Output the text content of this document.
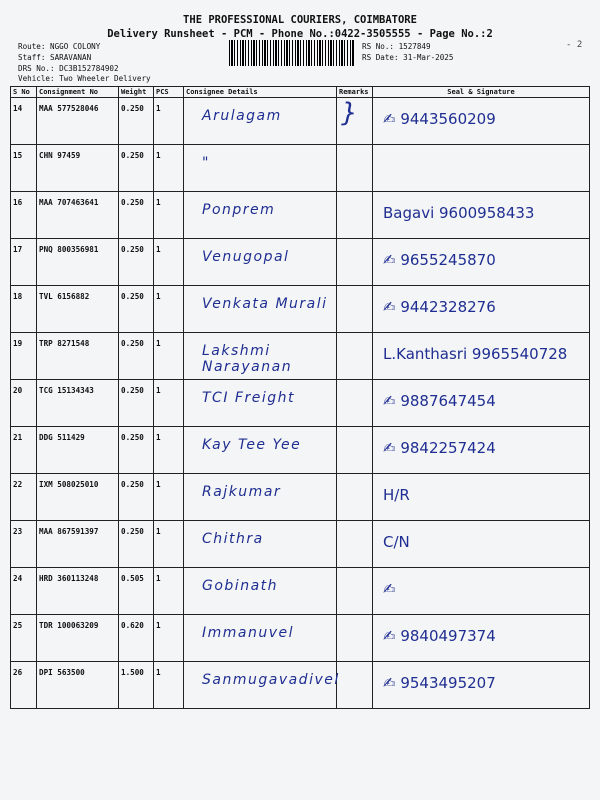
THE PROFESSIONAL COURIERS, COIMBATORE
Delivery Runsheet - PCM - Phone No.:0422-3505555 - Page No.:2
Route: NGGO COLONY
Staff: SARAVANAN
DRS No.: DC3B152784902
Vehicle: Two Wheeler Delivery
RS No.: 1527849
RS Date: 31-Mar-2025
- 2
S No	Consignment No	Weight	PCS	Consignee Details	Remarks	Seal & Signature
14	MAA 577528046	0.250	1	Arulagam	}	✍ 9443560209
15	CHN 97459	0.250	1	"		
16	MAA 707463641	0.250	1	Ponprem		Bagavi 9600958433
17	PNQ 800356981	0.250	1	Venugopal		✍ 9655245870
18	TVL 6156882	0.250	1	Venkata Murali		✍ 9442328276
19	TRP 8271548	0.250	1	Lakshmi Narayanan		L.Kanthasri 9965540728
20	TCG 15134343	0.250	1	TCI Freight		✍ 9887647454
21	DDG 511429	0.250	1	Kay Tee Yee		✍ 9842257424
22	IXM 508025010	0.250	1	Rajkumar		H/R
23	MAA 867591397	0.250	1	Chithra		C/N
24	HRD 360113248	0.505	1	Gobinath		✍
25	TDR 100063209	0.620	1	Immanuvel		✍ 9840497374
26	DPI 563500	1.500	1	Sanmugavadivel		✍ 9543495207
